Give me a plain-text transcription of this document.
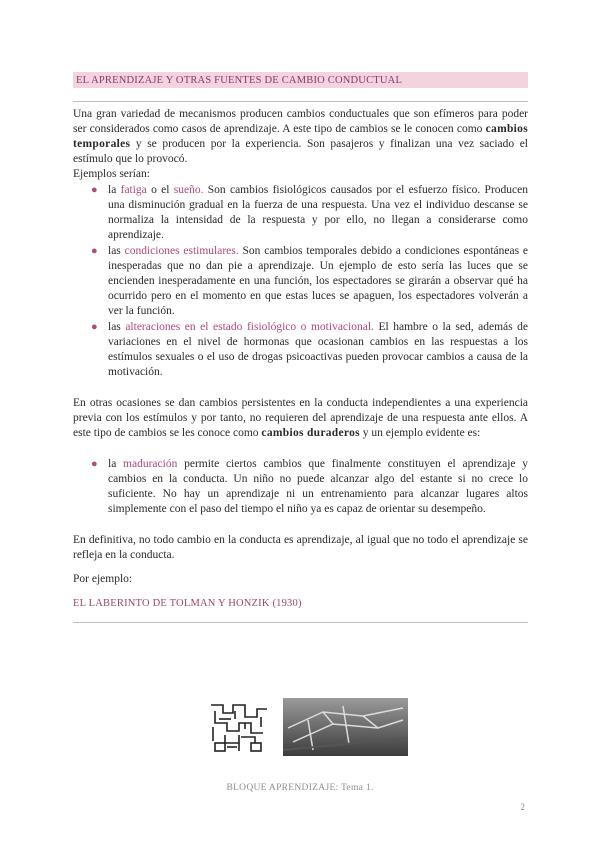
EL APRENDIZAJE Y OTRAS FUENTES DE CAMBIO CONDUCTUAL

Una gran variedad de mecanismos producen cambios conductuales que son efímeros para poder ser considerados como casos de aprendizaje. A este tipo de cambios se le conocen como cambios temporales y se producen por la experiencia. Son pasajeros y finalizan una vez saciado el estímulo que lo provocó.

Ejemplos serían:

● la fatiga o el sueño. Son cambios fisiológicos causados por el esfuerzo físico. Producen una disminución gradual en la fuerza de una respuesta. Una vez el individuo descanse se normaliza la intensidad de la respuesta y por ello, no llegan a considerarse como aprendizaje.
● las condiciones estimulares. Son cambios temporales debido a condiciones espontáneas e inesperadas que no dan pie a aprendizaje. Un ejemplo de esto sería las luces que se encienden inesperadamente en una función, los espectadores se girarán a observar qué ha ocurrido pero en el momento en que estas luces se apaguen, los espectadores volverán a ver la función.
● las alteraciones en el estado fisiológico o motivacional. El hambre o la sed, además de variaciones en el nivel de hormonas que ocasionan cambios en las respuestas a los estímulos sexuales o el uso de drogas psicoactivas pueden provocar cambios a causa de la motivación.

En otras ocasiones se dan cambios persistentes en la conducta independientes a una experiencia previa con los estímulos y por tanto, no requieren del aprendizaje de una respuesta ante ellos. A este tipo de cambios se les conoce como cambios duraderos y un ejemplo evidente es:

● la maduración permite ciertos cambios que finalmente constituyen el aprendizaje y cambios en la conducta. Un niño no puede alcanzar algo del estante si no crece lo suficiente. No hay un aprendizaje ni un entrenamiento para alcanzar lugares altos simplemente con el paso del tiempo el niño ya es capaz de orientar su desempeño.

En definitiva, no todo cambio en la conducta es aprendizaje, al igual que no todo el aprendizaje se refleja en la conducta.

Por ejemplo:

EL LABERINTO DE TOLMAN Y HONZIK (1930)
BLOQUE APRENDIZAJE: Tema 1.
2
